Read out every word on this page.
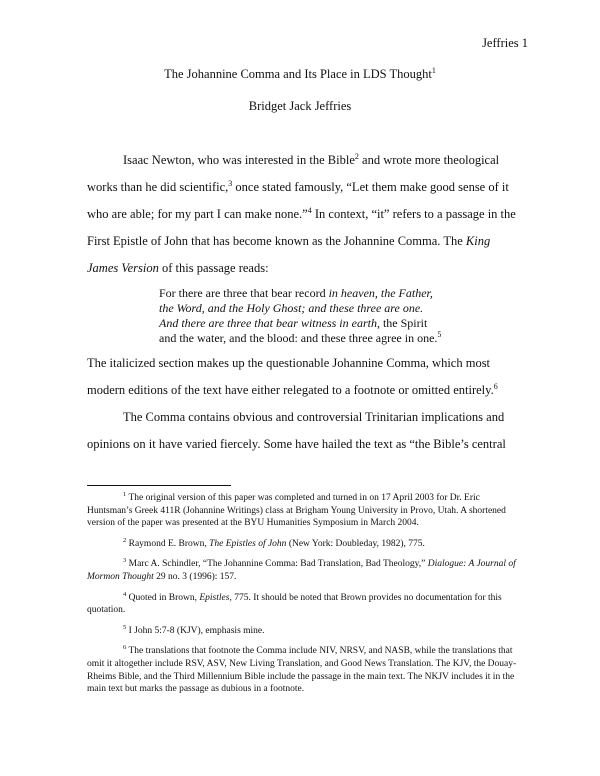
Jeffries 1
The Johannine Comma and Its Place in LDS Thought$^1$
Bridget Jack Jeffries

Isaac Newton, who was interested in the Bible$^2$ and wrote more theological works than he did scientific,$^3$ once stated famously, “Let them make good sense of it who are able; for my part I can make none.”$^4$ In context, “it” refers to a passage in the First Epistle of John that has become known as the Johannine Comma. The King James Version of this passage reads:

For there are three that bear record in heaven, the Father,
the Word, and the Holy Ghost; and these three are one.
And there are three that bear witness in earth, the Spirit
and the water, and the blood: and these three agree in one.$^5$

The italicized section makes up the questionable Johannine Comma, which most modern editions of the text have either relegated to a footnote or omitted entirely.$^6$

The Comma contains obvious and controversial Trinitarian implications and opinions on it have varied fiercely. Some have hailed the text as “the Bible’s central

$^1$ The original version of this paper was completed and turned in on 17 April 2003 for Dr. Eric Huntsman’s Greek 411R (Johannine Writings) class at Brigham Young University in Provo, Utah. A shortened version of the paper was presented at the BYU Humanities Symposium in March 2004.

$^2$ Raymond E. Brown, The Epistles of John (New York: Doubleday, 1982), 775.

$^3$ Marc A. Schindler, “The Johannine Comma: Bad Translation, Bad Theology,” Dialogue: A Journal of Mormon Thought 29 no. 3 (1996): 157.

$^4$ Quoted in Brown, Epistles, 775. It should be noted that Brown provides no documentation for this quotation.

$^5$ I John 5:7-8 (KJV), emphasis mine.

$^6$ The translations that footnote the Comma include NIV, NRSV, and NASB, while the translations that omit it altogether include RSV, ASV, New Living Translation, and Good News Translation. The KJV, the Douay-Rheims Bible, and the Third Millennium Bible include the passage in the main text. The NKJV includes it in the main text but marks the passage as dubious in a footnote.
